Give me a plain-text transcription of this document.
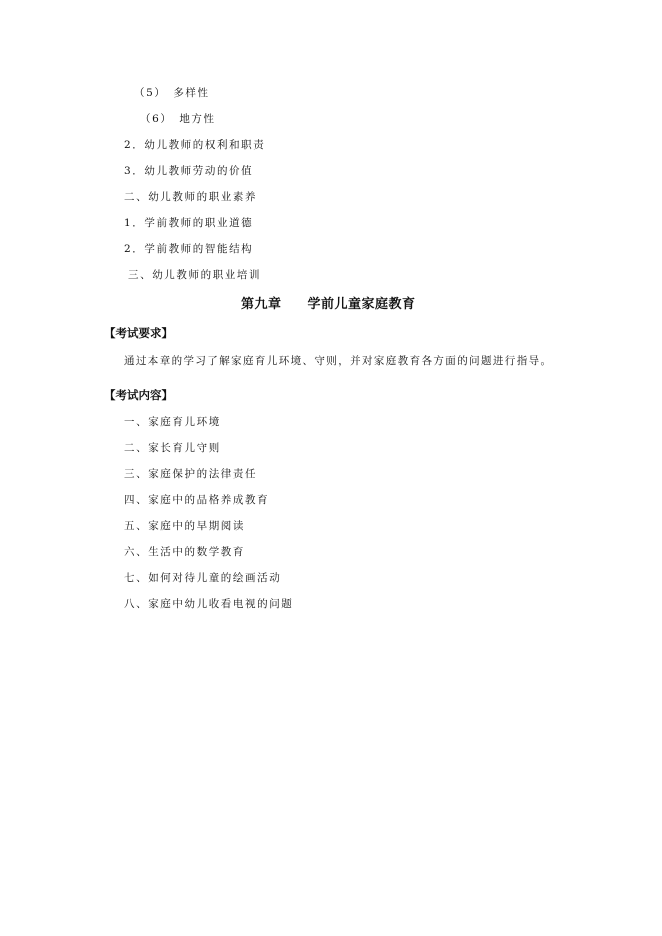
（5）　多样性
（6）　地方性
2．幼儿教师的权利和职责
3．幼儿教师劳动的价值
二、幼儿教师的职业素养
1．学前教师的职业道德
2．学前教师的智能结构
三、幼儿教师的职业培训
第九章 学前儿童家庭教育
【考试要求】
通过本章的学习了解家庭育儿环境、守则，并对家庭教育各方面的问题进行指导。
【考试内容】
一、家庭育儿环境
二、家长育儿守则
三、家庭保护的法律责任
四、家庭中的品格养成教育
五、家庭中的早期阅读
六、生活中的数学教育
七、如何对待儿童的绘画活动
八、家庭中幼儿收看电视的问题
